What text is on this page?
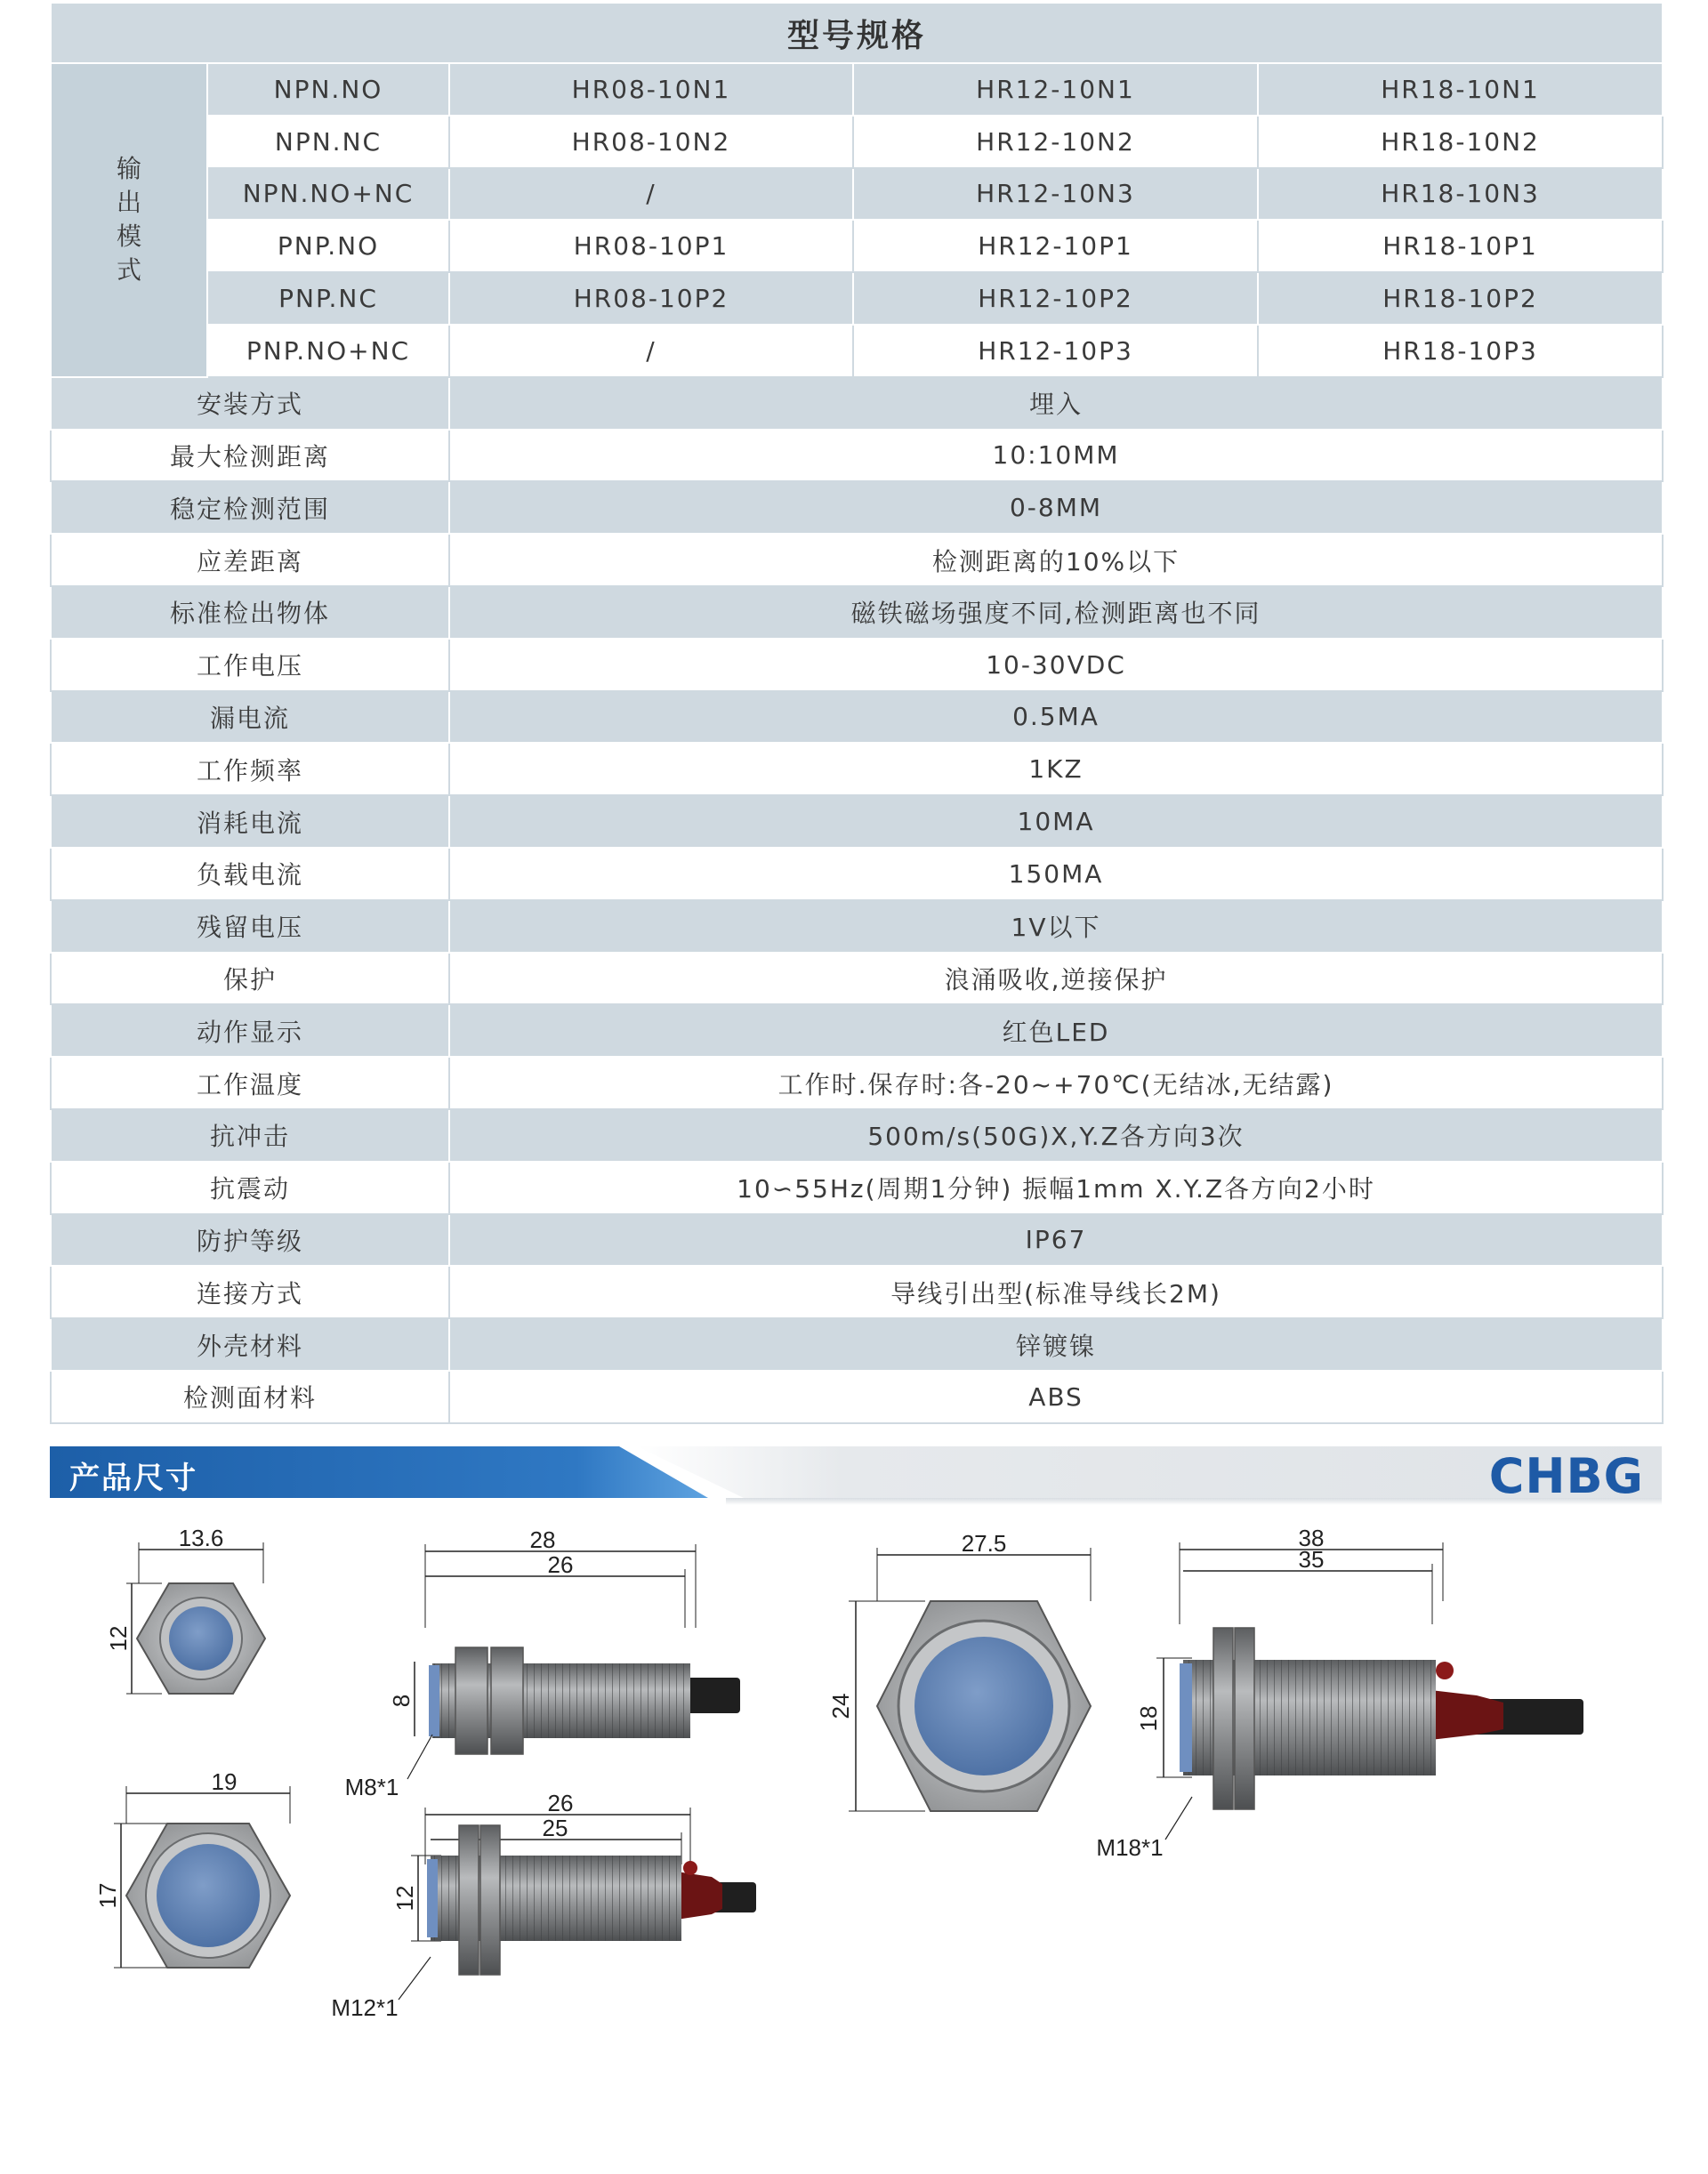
型号规格				

输
出
模
式	NPN.NO	HR08-10N1	HR12-10N1	HR18-10N1
	NPN.NC	HR08-10N2	HR12-10N2	HR18-10N2
	NPN.NO+NC	/	HR12-10N3	HR18-10N3
	PNP.NO	HR08-10P1	HR12-10P1	HR18-10P1
	PNP.NC	HR08-10P2	HR12-10P2	HR18-10P2
	PNP.NO+NC	/	HR12-10P3	HR18-10P3
安装方式		埋入		
最大检测距离		10:10MM		
稳定检测范围		0-8MM		
应差距离		检测距离的10%以下		
标准检出物体		磁铁磁场强度不同,检测距离也不同		
工作电压		10-30VDC		
漏电流		0.5MA		
工作频率		1KZ		
消耗电流		10MA		
负载电流		150MA		
残留电压		1V以下		
保护		浪涌吸收,逆接保护		
动作显示		红色LED		
工作温度		工作时.保存时:各-20~+70℃(无结冰,无结露)		
抗冲击		500m/s(50G)X,Y.Z各方向3次		
抗震动		10∽55Hz(周期1分钟) 振幅1mm X.Y.Z各方向2小时		
防护等级		IP67		
连接方式		导线引出型(标准导线长2M)		
外壳材料		锌镀镍		
检测面材料		ABS		
产品尺寸	CHBG
13.6
12
28
26
8
M8*1
27.5
24
38
35
18
M18*1
19
17
26
25
12
M12*1
